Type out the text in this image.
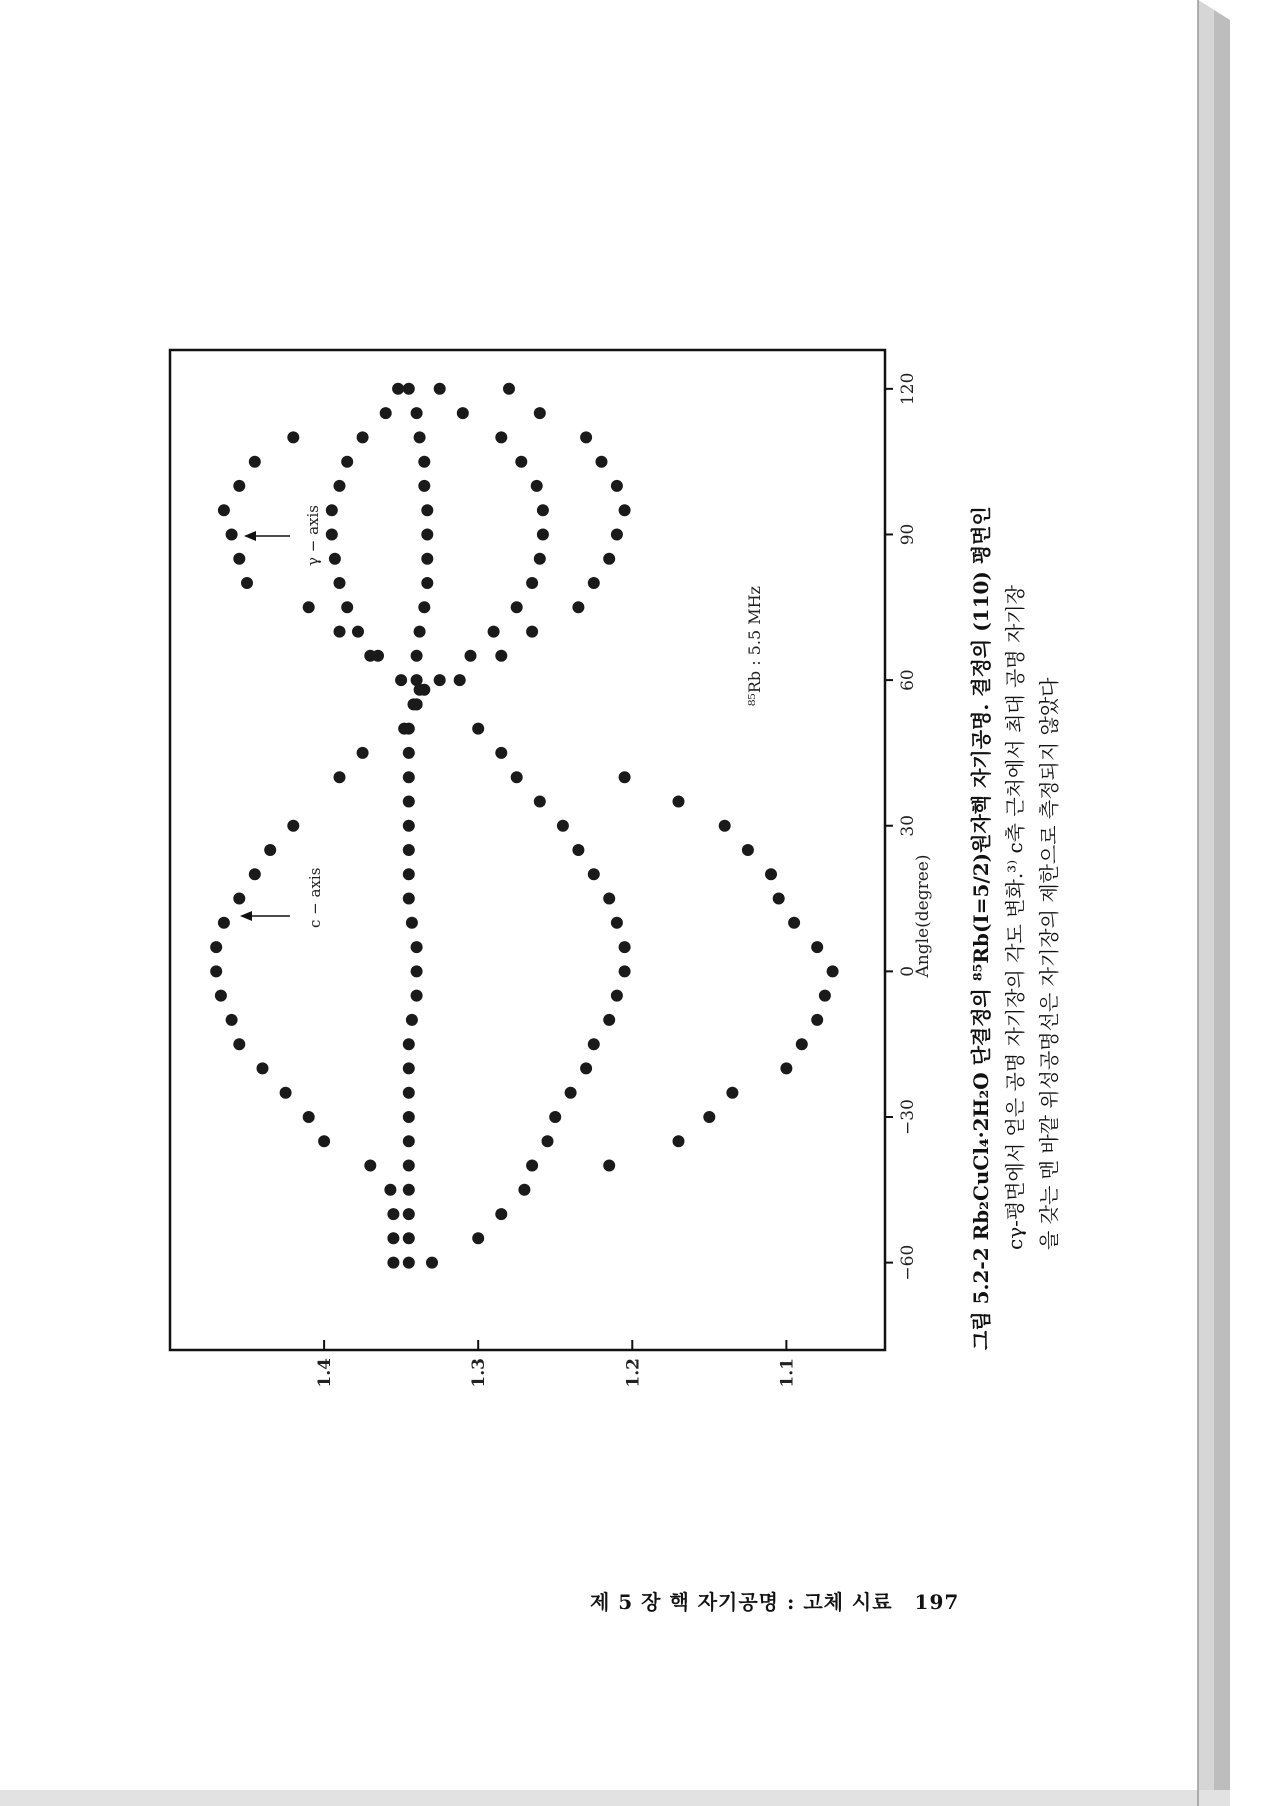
−60
−30
0
30
60
90
120
1.1
1.2
1.3
1.4
Angle(degree)
c − axis
γ − axis
⁸⁵Rb : 5.5 MHz	그림 5.2-2 Rb₂CuCl₄·2H₂O 단결정의 ⁸⁵Rb(I=5/2)원자핵 자기공명. 결정의 (110) 평면인 cγ-평면에서 얻은 공명 자기장의 각도 변화.³⁾ c축 근처에서 최대 공명 자기장 을 갖는 맨 바깥 위성공명선은 자기장의 제한으로 측정되지 않았다
제 5 장 핵 자기공명 : 고체 시료 197
